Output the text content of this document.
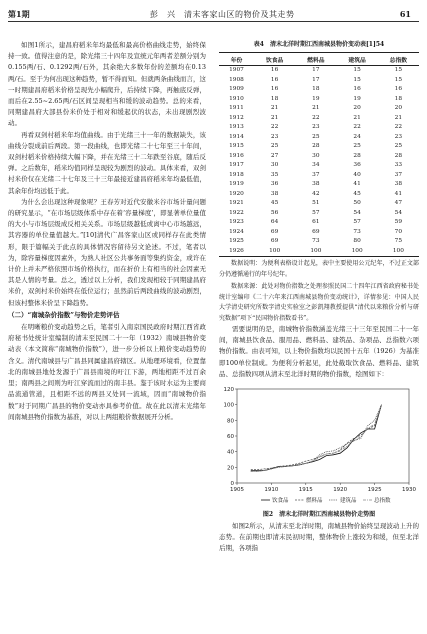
第1期	彭　兴　清末客家山区的物价及其走势	61

如图1所示，建昌府稻米年均最低和最高价格曲线走势，始终保持一致。值得注意的是，除光绪三十四年及宣统元年两者差额分别为0.155两/石、0.1292两/石外，其余绝大多数年份的差额均在0.13两/石。至于为何出现这种趋势，暂不得而知。但就两条曲线而言，这一时期建昌府稻米价格呈现先小幅爬升，后持续下降，再触底反弹，而后在2.55~2.65两/石区间呈现相当和缓的波动趋势。总的来看，同期建昌府大部县份米价处于相对和缓起伏的状态，未出现剧烈波动。

再看双剑村稻米年均值曲线。由于光绪三十一年的数据缺失，该曲线分裂成前后两段。第一段曲线，也即光绪二十七年至三十年间，双剑村稻米价格持续大幅下降，并在光绪三十二年跌至谷底，随后反弹。之后数年，稻米均值同样呈现较为剧烈的波动。具体来看，双剑村米价仅在光绪二十七年及三十三年最接近建昌府稻米年均最低值，其余年份均远低于此。

为什么会出现这种现象呢？王春芳对近代安徽米谷市场计量问题的研究显示，“在市场层级体系中存在着‘容量梯度’，即显著单位量值的大小与市场层级成反相关关系。市场层级越低或离中心市场越远，其容器的单位量值越大。”[10]清代广昌客家山区或同样存在此类情形，限于篇幅关于此点的具体情况容留待另文论述。不过，笔者以为，除容量梯度因素外，为熟人社区公共事务面等集约资金，或许在计价上并未严格依照市场价格执行，而在折价上有相当的社会因素无其是人情的考量。总之，透过以上分析，我们发现相较于同期建昌府米价，双剑村米价始终在低位运行；虽然前后两段曲线的波动剧烈，但该村整体米价呈下降趋势。

（二）“南城杂价指数”与物价走势评估

在明晰粮价变动趋势之后，笔者引入南京国民政府时期江西省政府秘书处统计室编制的清末至民国二十一年（1932）南城县物价变动表（本文简称“南城物价指数”），进一步分析以上粮价变动趋势的含义。清代南城县与广昌县同属建昌府辖区。从地理环境看，位置靠北的南城县地处发源于广昌县南境的旴江下游，两地相距不过百余里；南两县之间则为旴江穿流而过的南丰县。鉴于该时水运为主要商品流通管道，且相距不远的两县又处同一流域，因而“南城物价指数”对于同期广昌县的物价变动亦具参考价值。故在此以清末光绪年间南城县物价指数为基准，对以上两组粮价数据展开分析。

表4　清末北洋时期江西南城县物价变动表[1]54
年份	饮食品	燃料品	建筑品	总指数
1907	16	17	15	15
1908	16	17	15	15
1909	16	18	16	16
1910	18	19	19	18
1911	21	21	20	20
1912	21	22	21	21
1913	22	23	22	22
1914	23	25	24	23
1915	25	28	25	25
1916	27	30	28	28
1917	30	34	36	33
1918	35	37	40	37
1919	36	38	41	38
1920	38	42	45	41
1921	45	51	50	47
1922	56	57	54	54
1923	64	61	57	59
1924	69	69	73	70
1925	69	73	80	75
1926	100	100	100	100

数据说明：为便利表格设计起见，表中主要使用公元纪年，不过正文部分仍遵循通行的年号纪年。

数据来源：此处对物价指数之处理参照民国二十四年江西省政府秘书处统计室编印《二十六年来江西南城县物价变动统计》，详情参见：中国人民大学清史研究所数字清史实验室之彭凯翔教授提供“清代以来粮价分析与研究数据”项下“民国物价指数看书”。

需要说明的是，南城物价指数涵盖光绪三十三年至民国二十一年间，南城县饮食品、服用品、燃料品、建筑品、杂项品、总指数六项物价指数。由表可知，以上物价指数均以民国十五年（1926）为基准即100单位制成。为便利分析起见，此处截取饮食品、燃料品、建筑品、总指数四项从清末至北洋时期的物价指数，绘图如下：

1905	1910	1915	1920	1925	1930
0
20
40
60
80
100
120
饮食品	燃料品	建筑品	总指数
图2　清末北洋时期江西南城县物价走势图

如图2所示，从清末至北洋时期，南城县物价始终呈现波动上升的态势。在前期也即清末民初时期，整体物价上涨较为和缓，但至北洋后期，各项指
